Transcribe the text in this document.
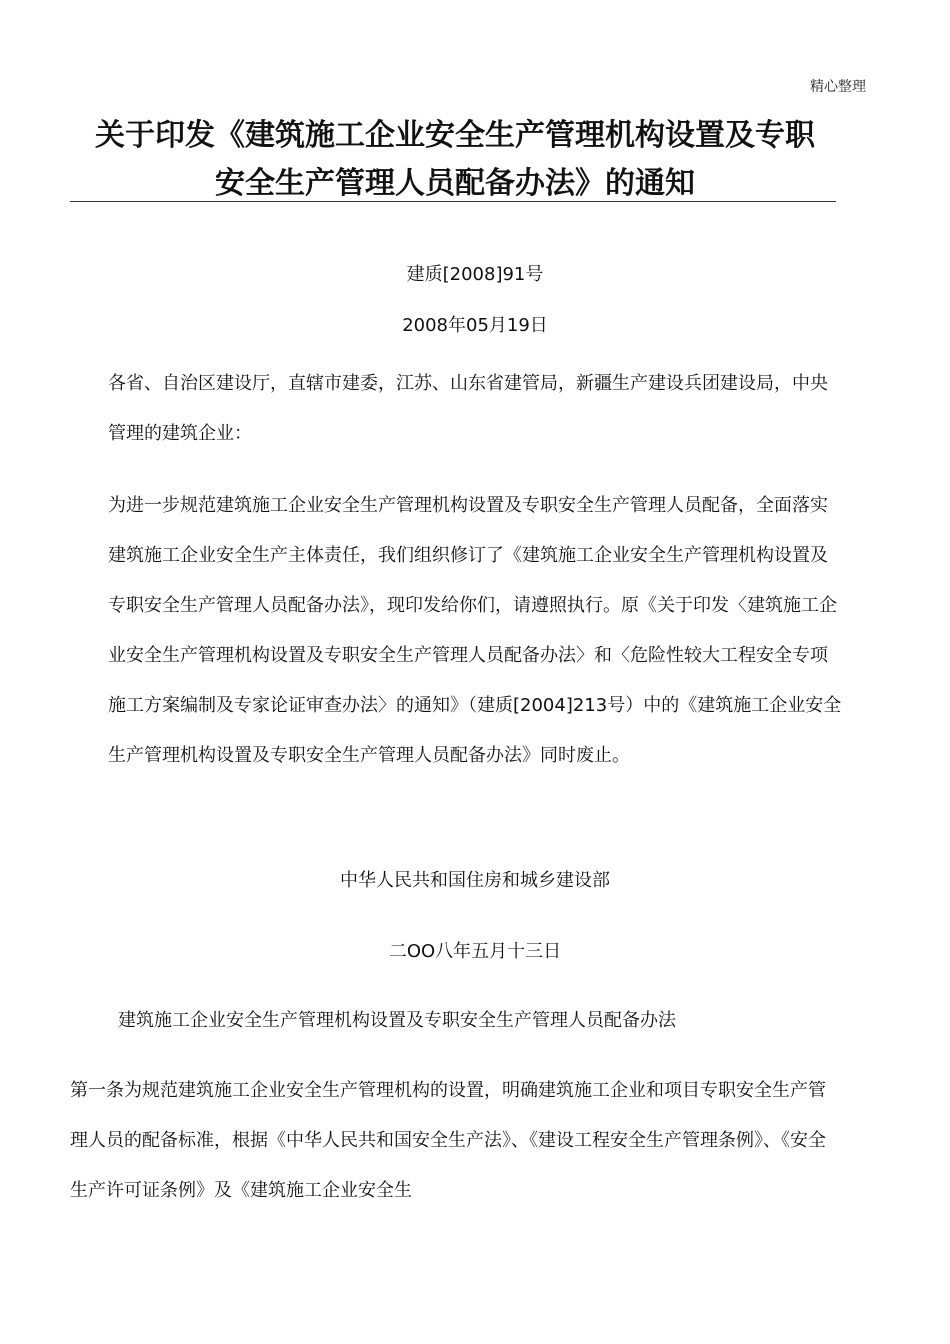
精心整理
关于印发《建筑施工企业安全生产管理机构设置及专职
安全生产管理人员配备办法》的通知
建质[2008]91号
2008年05月19日
各省、自治区建设厅，直辖市建委，江苏、山东省建管局，新疆生产建设兵团建设局，中央管理的建筑企业：
为进一步规范建筑施工企业安全生产管理机构设置及专职安全生产管理人员配备，全面落实建筑施工企业安全生产主体责任，我们组织修订了《建筑施工企业安全生产管理机构设置及专职安全生产管理人员配备办法》，现印发给你们，请遵照执行。原《关于印发〈建筑施工企业安全生产管理机构设置及专职安全生产管理人员配备办法〉和〈危险性较大工程安全专项施工方案编制及专家论证审查办法〉的通知》（建质[2004]213号）中的《建筑施工企业安全生产管理机构设置及专职安全生产管理人员配备办法》同时废止。
中华人民共和国住房和城乡建设部
二OO八年五月十三日
建筑施工企业安全生产管理机构设置及专职安全生产管理人员配备办法
第一条为规范建筑施工企业安全生产管理机构的设置，明确建筑施工企业和项目专职安全生产管理人员的配备标准，根据《中华人民共和国安全生产法》、《建设工程安全生产管理条例》、《安全生产许可证条例》及《建筑施工企业安全生
